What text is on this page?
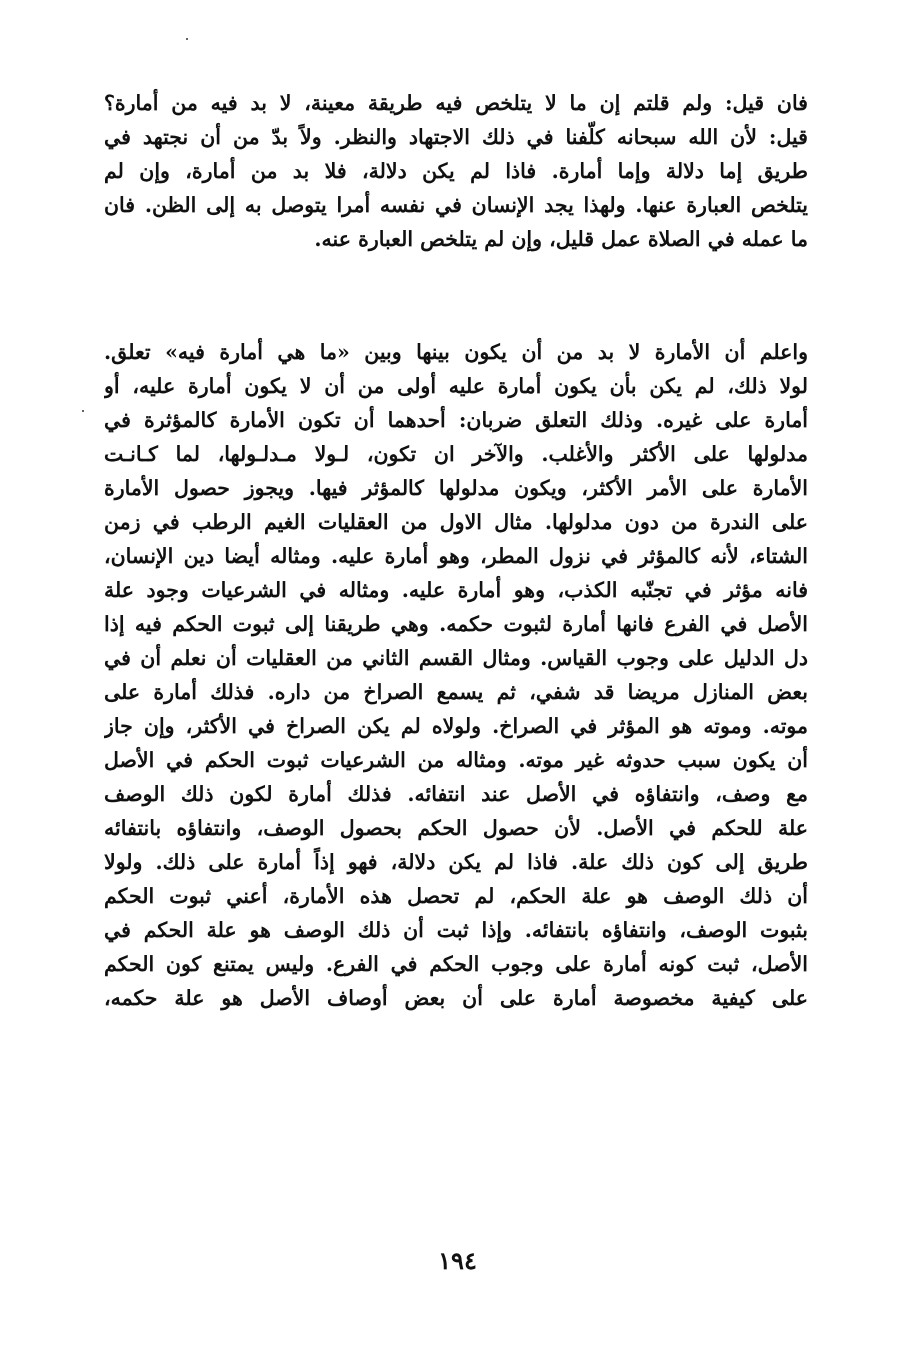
فان قيل: ولم قلتم إن ما لا يتلخص فيه طريقة معينة، لا بد فيه من أمارة؟
قيل: لأن الله سبحانه كلّفنا في ذلك الاجتهاد والنظر. ولاً بدّ من أن نجتهد في
طريق إما دلالة وإما أمارة. فاذا لم يكن دلالة، فلا بد من أمارة، وإن لم
يتلخص العبارة عنها. ولهذا يجد الإنسان في نفسه أمرا يتوصل به إلى الظن. فان
ما عمله في الصلاة عمل قليل، وإن لم يتلخص العبارة عنه.
واعلم أن الأمارة لا بد من أن يكون بينها وبين «ما هي أمارة فيه» تعلق.
لولا ذلك، لم يكن بأن يكون أمارة عليه أولى من أن لا يكون أمارة عليه، أو
أمارة على غيره. وذلك التعلق ضربان: أحدهما أن تكون الأمارة كالمؤثرة في
مدلولها على الأكثر والأغلب. والآخر ان تكون، لـولا مـدلـولها، لما كـانـت
الأمارة على الأمر الأكثر، ويكون مدلولها كالمؤثر فيها. ويجوز حصول الأمارة
على الندرة من دون مدلولها. مثال الاول من العقليات الغيم الرطب في زمن
الشتاء، لأنه كالمؤثر في نزول المطر، وهو أمارة عليه. ومثاله أيضا دين الإنسان،
فانه مؤثر في تجنّبه الكذب، وهو أمارة عليه. ومثاله في الشرعيات وجود علة
الأصل في الفرع فانها أمارة لثبوت حكمه. وهي طريقنا إلى ثبوت الحكم فيه إذا
دل الدليل على وجوب القياس. ومثال القسم الثاني من العقليات أن نعلم أن في
بعض المنازل مريضا قد شفي، ثم يسمع الصراخ من داره. فذلك أمارة على
موته. وموته هو المؤثر في الصراخ. ولولاه لم يكن الصراخ في الأكثر، وإن جاز
أن يكون سبب حدوثه غير موته. ومثاله من الشرعيات ثبوت الحكم في الأصل
مع وصف، وانتفاؤه في الأصل عند انتفائه. فذلك أمارة لكون ذلك الوصف
علة للحكم في الأصل. لأن حصول الحكم بحصول الوصف، وانتفاؤه بانتفائه
طريق إلى كون ذلك علة. فاذا لم يكن دلالة، فهو إذاً أمارة على ذلك. ولولا
أن ذلك الوصف هو علة الحكم، لم تحصل هذه الأمارة، أعني ثبوت الحكم
بثبوت الوصف، وانتفاؤه بانتفائه. وإذا ثبت أن ذلك الوصف هو علة الحكم في
الأصل، ثبت كونه أمارة على وجوب الحكم في الفرع. وليس يمتنع كون الحكم
على كيفية مخصوصة أمارة على أن بعض أوصاف الأصل هو علة حكمه،
١٩٤
